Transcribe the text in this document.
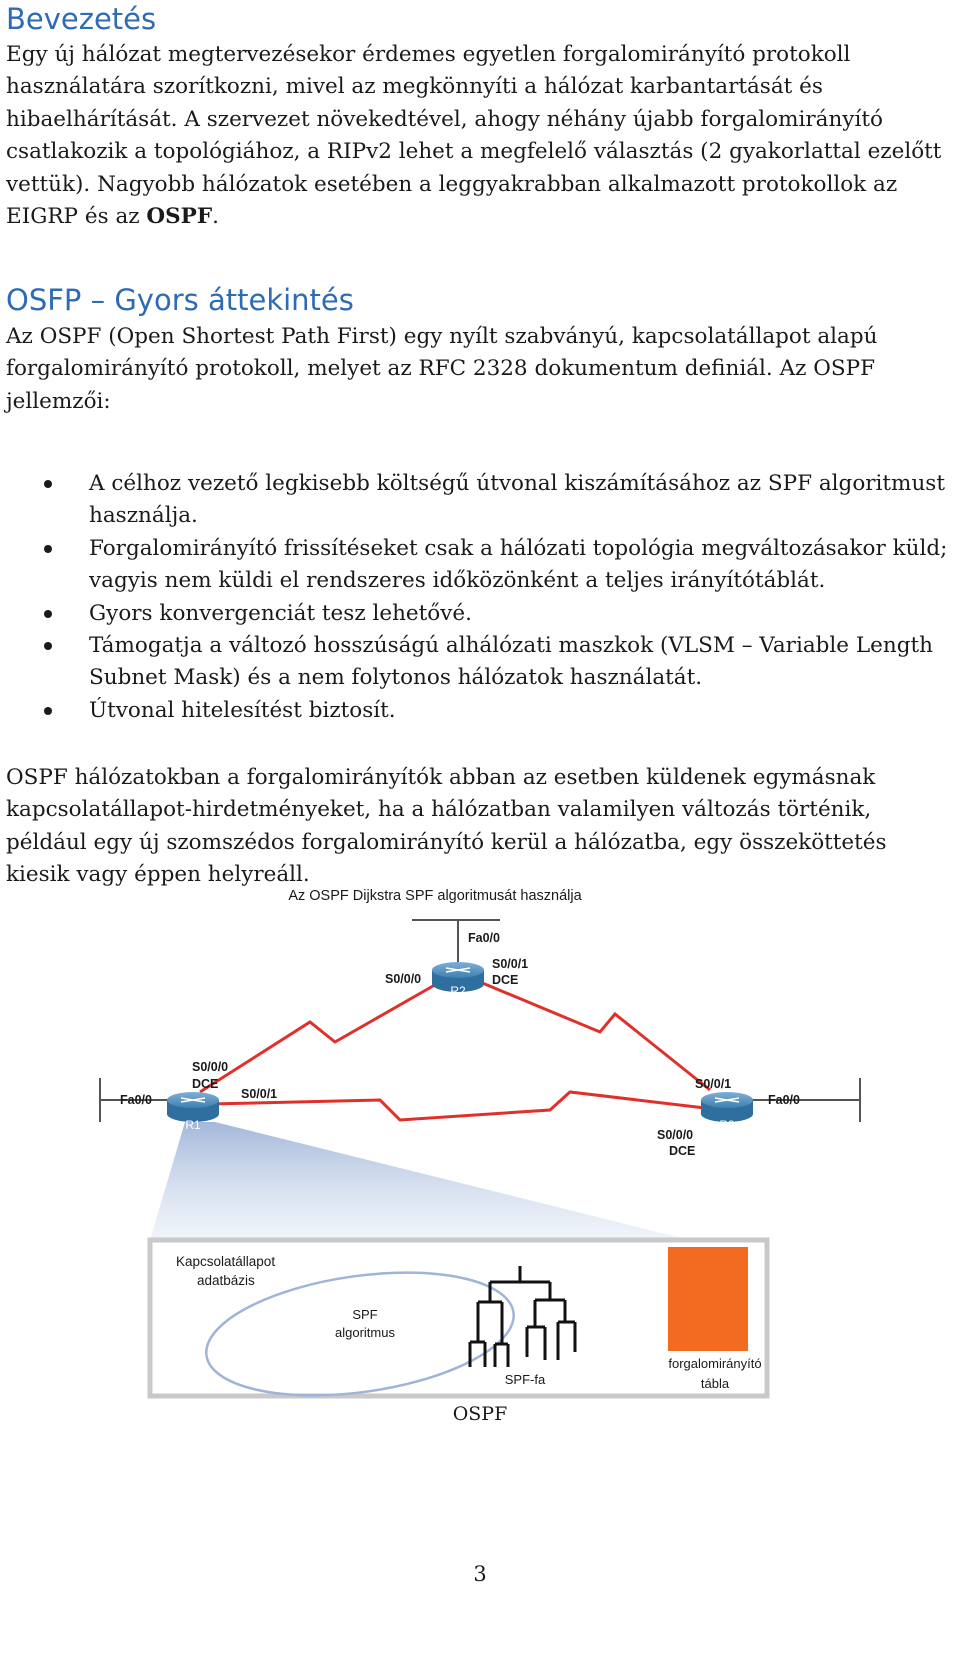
Bevezetés

Egy új hálózat megtervezésekor érdemes egyetlen forgalomirányító protokoll használatára szorítkozni, mivel az megkönnyíti a hálózat karbantartását és hibaelhárítását. A szervezet növekedtével, ahogy néhány újabb forgalomirányító csatlakozik a topológiához, a RIPv2 lehet a megfelelő választás (2 gyakorlattal ezelőtt vettük). Nagyobb hálózatok esetében a leggyakrabban alkalmazott protokollok az EIGRP és az OSPF.

OSFP – Gyors áttekintés

Az OSPF (Open Shortest Path First) egy nyílt szabványú, kapcsolatállapot alapú forgalomirányító protokoll, melyet az RFC 2328 dokumentum definiál. Az OSPF jellemzői:

A célhoz vezető legkisebb költségű útvonal kiszámításához az SPF algoritmust használja.
Forgalomirányító frissítéseket csak a hálózati topológia megváltozásakor küld; vagyis nem küldi el rendszeres időközönként a teljes irányítótáblát.
Gyors konvergenciát tesz lehetővé.
Támogatja a változó hosszúságú alhálózati maszkok (VLSM – Variable Length Subnet Mask) és a nem folytonos hálózatok használatát.
Útvonal hitelesítést biztosít.

OSPF hálózatokban a forgalomirányítók abban az esetben küldenek egymásnak kapcsolatállapot-hirdetményeket, ha a hálózatban valamilyen változás történik, például egy új szomszédos forgalomirányító kerül a hálózatba, egy összeköttetés kiesik vagy éppen helyreáll.

Az OSPF Dijkstra SPF algoritmusát használja
R2
R1	R3
Fa0/0
S0/0/0
S0/0/1
DCE
S0/0/0
DCE
Fa0/0	S0/0/1
S0/0/1
Fa0/0
S0/0/0
DCE
Kapcsolatállapot
adatbázis
SPF
algoritmus
SPF-fa
forgalomirányító
tábla
OSPF
3
